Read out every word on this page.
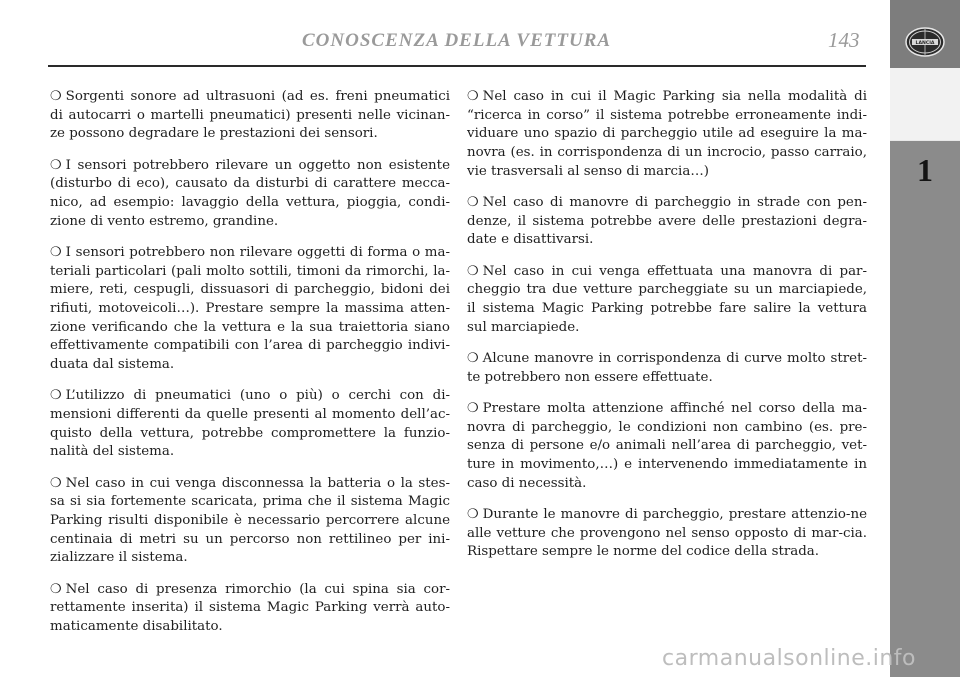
CONOSCENZA DELLA VETTURA	143
1
LANCIA

❍ Sorgenti sonore ad ultrasuoni (ad es. freni pneumatici di autocarri o martelli pneumatici) presenti nelle vicinan-ze possono degradare le prestazioni dei sensori.

❍ I sensori potrebbero rilevare un oggetto non esistente (disturbo di eco), causato da disturbi di carattere mecca-nico, ad esempio: lavaggio della vettura, pioggia, condi-zione di vento estremo, grandine.

❍ I sensori potrebbero non rilevare oggetti di forma o ma-teriali particolari (pali molto sottili, timoni da rimorchi, la-miere, reti, cespugli, dissuasori di parcheggio, bidoni dei rifiuti, motoveicoli…). Prestare sempre la massima atten-zione verificando che la vettura e la sua traiettoria siano effettivamente compatibili con l’area di parcheggio indivi-duata dal sistema.

❍ L’utilizzo di pneumatici (uno o più) o cerchi con di-mensioni differenti da quelle presenti al momento dell’ac-quisto della vettura, potrebbe compromettere la funzio-nalità del sistema.

❍ Nel caso in cui venga disconnessa la batteria o la stes-sa si sia fortemente scaricata, prima che il sistema Magic Parking risulti disponibile è necessario percorrere alcune centinaia di metri su un percorso non rettilineo per ini-zializzare il sistema.

❍ Nel caso di presenza rimorchio (la cui spina sia cor-rettamente inserita) il sistema Magic Parking verrà auto-maticamente disabilitato.

❍ Nel caso in cui il Magic Parking sia nella modalità di “ricerca in corso” il sistema potrebbe erroneamente indi-viduare uno spazio di parcheggio utile ad eseguire la ma-novra (es. in corrispondenza di un incrocio, passo carraio, vie trasversali al senso di marcia…)

❍ Nel caso di manovre di parcheggio in strade con pen-denze, il sistema potrebbe avere delle prestazioni degra-date e disattivarsi.

❍ Nel caso in cui venga effettuata una manovra di par-cheggio tra due vetture parcheggiate su un marciapiede, il sistema Magic Parking potrebbe fare salire la vettura sul marciapiede.

❍ Alcune manovre in corrispondenza di curve molto stret-te potrebbero non essere effettuate.

❍ Prestare molta attenzione affinché nel corso della ma-novra di parcheggio, le condizioni non cambino (es. pre-senza di persone e/o animali nell’area di parcheggio, vet-ture in movimento,…) e intervenendo immediatamente in caso di necessità.

❍ Durante le manovre di parcheggio, prestare attenzio-ne alle vetture che provengono nel senso opposto di mar-cia. Rispettare sempre le norme del codice della strada.

carmanualsonline.info
